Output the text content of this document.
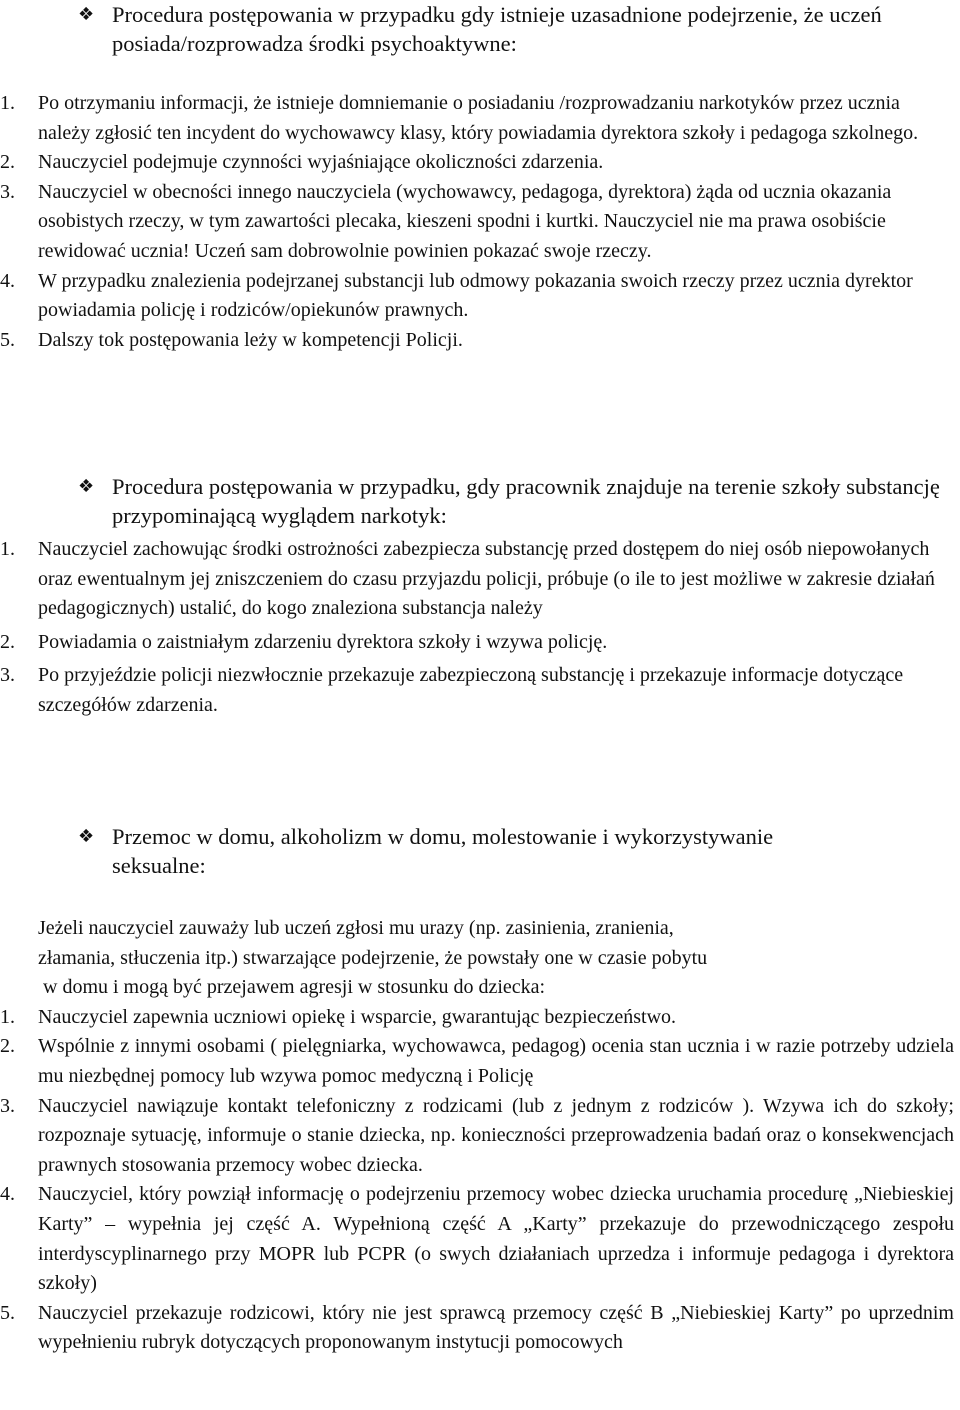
❖ Procedura postępowania w przypadku gdy istnieje uzasadnione podejrzenie, że uczeń posiada/rozprowadza środki psychoaktywne:
1. Po otrzymaniu informacji, że istnieje domniemanie o posiadaniu /rozprowadzaniu narkotyków przez ucznia należy zgłosić ten incydent do wychowawcy klasy, który powiadamia dyrektora szkoły i pedagoga szkolnego.
2. Nauczyciel podejmuje czynności wyjaśniające okoliczności zdarzenia.
3. Nauczyciel w obecności innego nauczyciela (wychowawcy, pedagoga, dyrektora) żąda od ucznia okazania osobistych rzeczy, w tym zawartości plecaka, kieszeni spodni i kurtki. Nauczyciel nie ma prawa osobiście rewidować ucznia! Uczeń sam dobrowolnie powinien pokazać swoje rzeczy.
4. W przypadku znalezienia podejrzanej substancji lub odmowy pokazania swoich rzeczy przez ucznia dyrektor powiadamia policję i rodziców/opiekunów prawnych.
5. Dalszy tok postępowania leży w kompetencji Policji.
❖ Procedura postępowania w przypadku, gdy pracownik znajduje na terenie szkoły substancję przypominającą wyglądem narkotyk:
1. Nauczyciel zachowując środki ostrożności zabezpiecza substancję przed dostępem do niej osób niepowołanych oraz ewentualnym jej zniszczeniem do czasu przyjazdu policji, próbuje (o ile to jest możliwe w zakresie działań pedagogicznych) ustalić, do kogo znaleziona substancja należy
2. Powiadamia o zaistniałym zdarzeniu dyrektora szkoły i wzywa policję.
3. Po przyjeździe policji niezwłocznie przekazuje zabezpieczoną substancję i przekazuje informacje dotyczące szczegółów zdarzenia.
❖ Przemoc w domu, alkoholizm w domu, molestowanie i wykorzystywanie seksualne:
Jeżeli nauczyciel zauważy lub uczeń zgłosi mu urazy (np. zasinienia, zranienia,
złamania, stłuczenia itp.) stwarzające podejrzenie, że powstały one w czasie pobytu
w domu i mogą być przejawem agresji w stosunku do dziecka:
1. Nauczyciel zapewnia uczniowi opiekę i wsparcie, gwarantując bezpieczeństwo.
2. Wspólnie z innymi osobami ( pielęgniarka, wychowawca, pedagog) ocenia stan ucznia i w razie potrzeby udziela mu niezbędnej pomocy lub wzywa pomoc medyczną i Policję
3. Nauczyciel nawiązuje kontakt telefoniczny z rodzicami (lub z jednym z rodziców ). Wzywa ich do szkoły; rozpoznaje sytuację, informuje o stanie dziecka, np. konieczności przeprowadzenia badań oraz o konsekwencjach prawnych stosowania przemocy wobec dziecka.
4. Nauczyciel, który powziął informację o podejrzeniu przemocy wobec dziecka uruchamia procedurę „Niebieskiej Karty” – wypełnia jej część A. Wypełnioną część A „Karty” przekazuje do przewodniczącego zespołu interdyscyplinarnego przy MOPR lub PCPR (o swych działaniach uprzedza i informuje pedagoga i dyrektora szkoły)
5. Nauczyciel przekazuje rodzicowi, który nie jest sprawcą przemocy część B „Niebieskiej Karty” po uprzednim wypełnieniu rubryk dotyczących proponowanym instytucji pomocowych
